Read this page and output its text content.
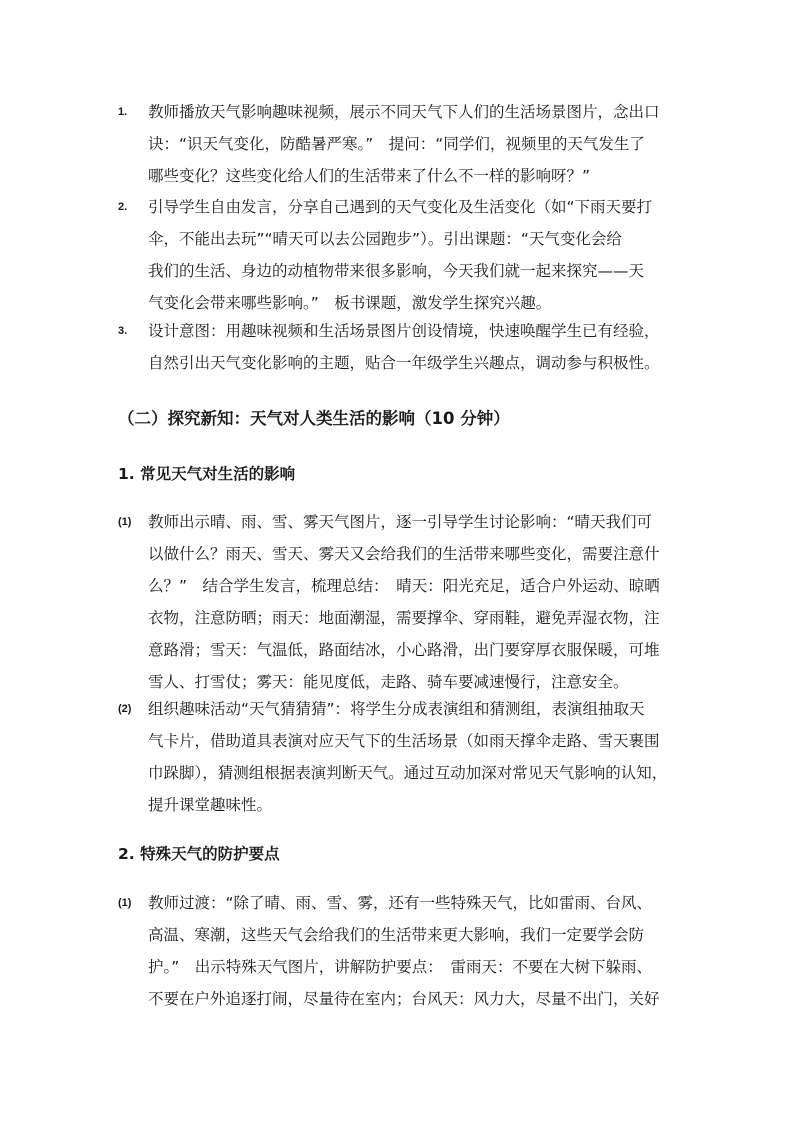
1. 教师播放天气影响趣味视频，展示不同天气下人们的生活场景图片，念出口
诀：“识天气变化，防酷暑严寒。”　提问：“同学们，视频里的天气发生了
哪些变化？这些变化给人们的生活带来了什么不一样的影响呀？”
2. 引导学生自由发言，分享自己遇到的天气变化及生活变化（如“下雨天要打
伞，不能出去玩”“晴天可以去公园跑步”）。引出课题：“天气变化会给
我们的生活、身边的动植物带来很多影响，今天我们就一起来探究——天
气变化会带来哪些影响。”　板书课题，激发学生探究兴趣。
3. 设计意图：用趣味视频和生活场景图片创设情境，快速唤醒学生已有经验，
自然引出天气变化影响的主题，贴合一年级学生兴趣点，调动参与积极性。
（二）探究新知：天气对人类生活的影响（10 分钟）
1. 常见天气对生活的影响
(1) 教师出示晴、雨、雪、雾天气图片，逐一引导学生讨论影响：“晴天我们可
以做什么？雨天、雪天、雾天又会给我们的生活带来哪些变化，需要注意什
么？”　结合学生发言，梳理总结：　晴天：阳光充足，适合户外运动、晾晒
衣物，注意防晒；雨天：地面潮湿，需要撑伞、穿雨鞋，避免弄湿衣物，注
意路滑；雪天：气温低，路面结冰，小心路滑，出门要穿厚衣服保暖，可堆
雪人、打雪仗；雾天：能见度低，走路、骑车要减速慢行，注意安全。
(2) 组织趣味活动“天气猜猜猜”：将学生分成表演组和猜测组，表演组抽取天
气卡片，借助道具表演对应天气下的生活场景（如雨天撑伞走路、雪天裹围
巾跺脚），猜测组根据表演判断天气。通过互动加深对常见天气影响的认知，
提升课堂趣味性。
2. 特殊天气的防护要点
(1) 教师过渡：“除了晴、雨、雪、雾，还有一些特殊天气，比如雷雨、台风、
高温、寒潮，这些天气会给我们的生活带来更大影响，我们一定要学会防
护。”　出示特殊天气图片，讲解防护要点：　雷雨天：不要在大树下躲雨、
不要在户外追逐打闹，尽量待在室内；台风天：风力大，尽量不出门，关好
